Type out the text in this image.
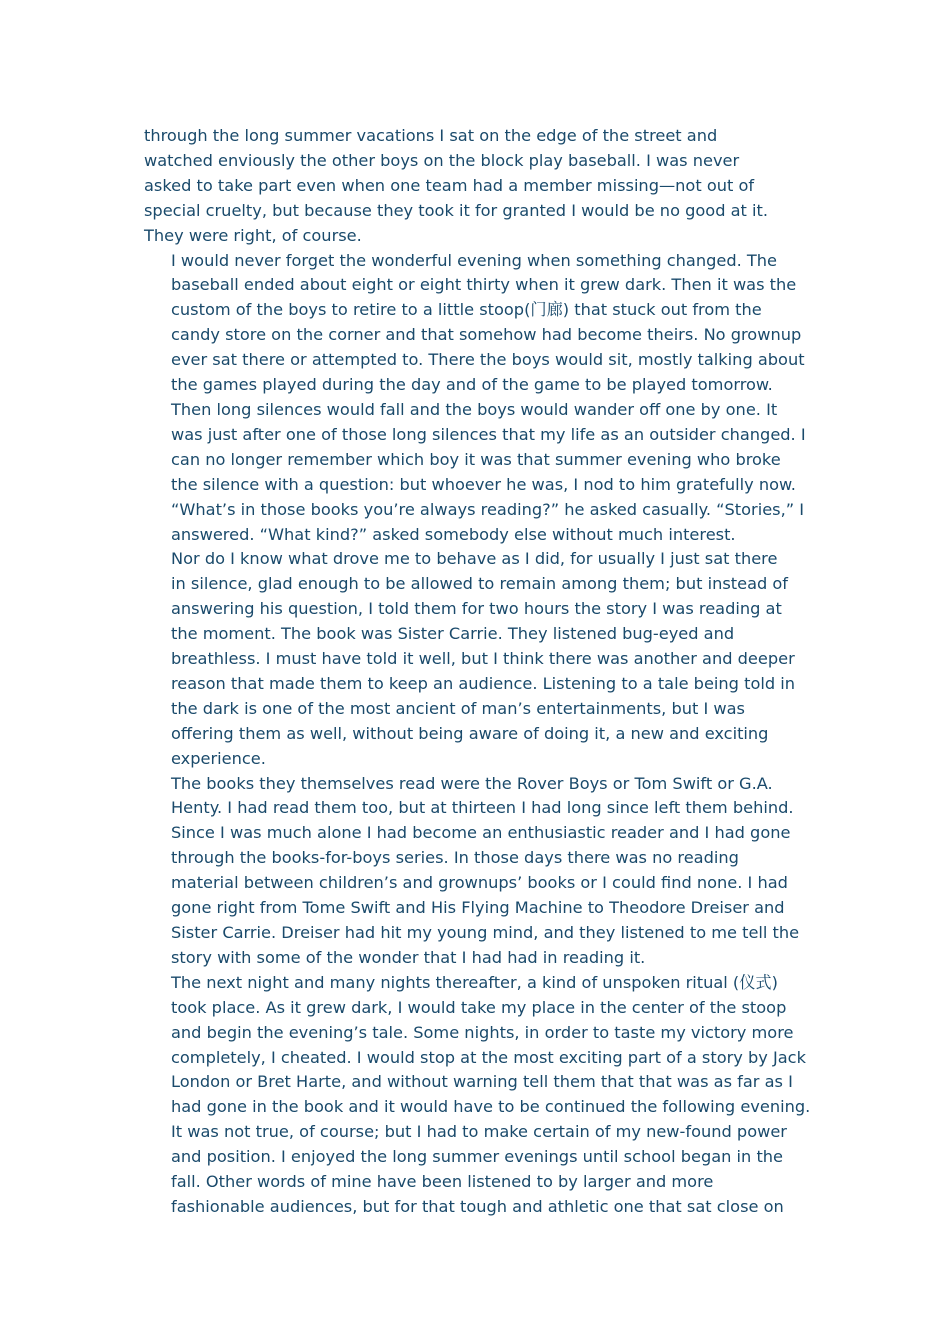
through the long summer vacations I sat on the edge of the street and
watched enviously the other boys on the block play baseball. I was never
asked to take part even when one team had a member missing—not out of
special cruelty, but because they took it for granted I would be no good at it.
They were right, of course.

I would never forget the wonderful evening when something changed. The
baseball ended about eight or eight thirty when it grew dark. Then it was the
custom of the boys to retire to a little stoop(门廊) that stuck out from the
candy store on the corner and that somehow had become theirs. No grownup
ever sat there or attempted to. There the boys would sit, mostly talking about
the games played during the day and of the game to be played tomorrow.
Then long silences would fall and the boys would wander off one by one. It
was just after one of those long silences that my life as an outsider changed. I
can no longer remember which boy it was that summer evening who broke
the silence with a question: but whoever he was, I nod to him gratefully now.
“What’s in those books you’re always reading?” he asked casually. “Stories,” I
answered. “What kind?” asked somebody else without much interest.

Nor do I know what drove me to behave as I did, for usually I just sat there
in silence, glad enough to be allowed to remain among them; but instead of
answering his question, I told them for two hours the story I was reading at
the moment. The book was Sister Carrie. They listened bug-eyed and
breathless. I must have told it well, but I think there was another and deeper
reason that made them to keep an audience. Listening to a tale being told in
the dark is one of the most ancient of man’s entertainments, but I was
offering them as well, without being aware of doing it, a new and exciting
experience.

The books they themselves read were the Rover Boys or Tom Swift or G.A.
Henty. I had read them too, but at thirteen I had long since left them behind.
Since I was much alone I had become an enthusiastic reader and I had gone
through the books-for-boys series. In those days there was no reading
material between children’s and grownups’ books or I could find none. I had
gone right from Tome Swift and His Flying Machine to Theodore Dreiser and
Sister Carrie. Dreiser had hit my young mind, and they listened to me tell the
story with some of the wonder that I had had in reading it.

The next night and many nights thereafter, a kind of unspoken ritual (仪式)
took place. As it grew dark, I would take my place in the center of the stoop
and begin the evening’s tale. Some nights, in order to taste my victory more
completely, I cheated. I would stop at the most exciting part of a story by Jack
London or Bret Harte, and without warning tell them that that was as far as I
had gone in the book and it would have to be continued the following evening.
It was not true, of course; but I had to make certain of my new-found power
and position. I enjoyed the long summer evenings until school began in the
fall. Other words of mine have been listened to by larger and more
fashionable audiences, but for that tough and athletic one that sat close on
